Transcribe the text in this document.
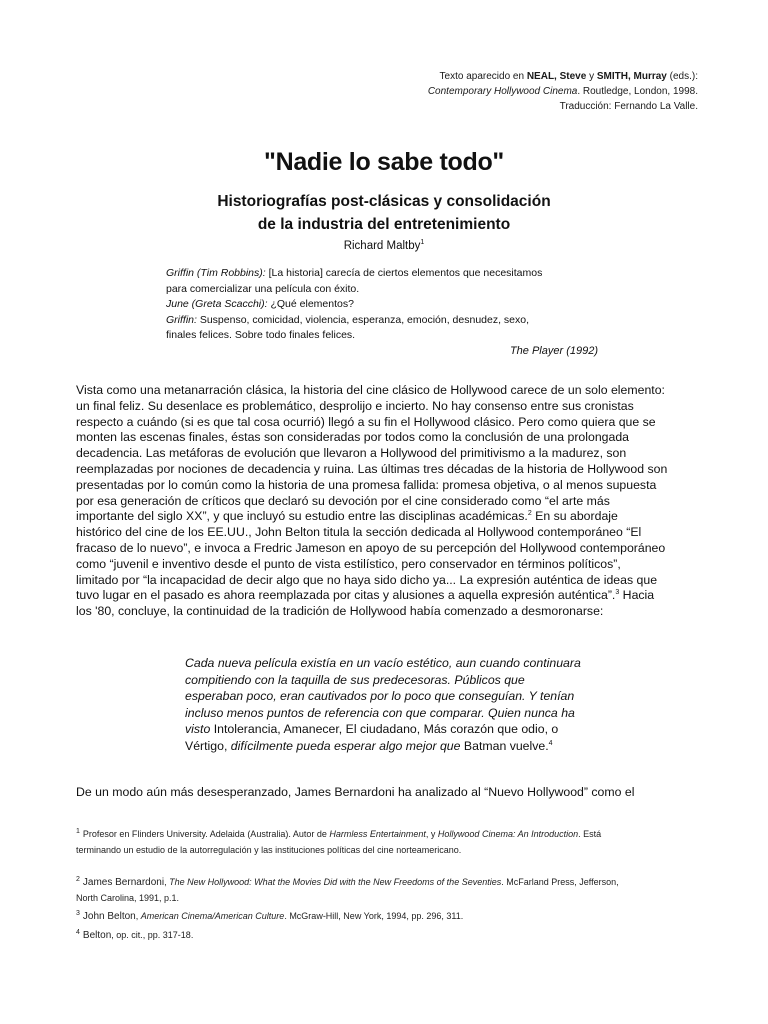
Texto aparecido en NEAL, Steve y SMITH, Murray (eds.):
Contemporary Hollywood Cinema. Routledge, London, 1998.
Traducción: Fernando La Valle.
"Nadie lo sabe todo"
Historiografías post-clásicas y consolidación
de la industria del entretenimiento
Richard Maltby$^1$
Griffin (Tim Robbins): [La historia] carecía de ciertos elementos que necesitamos
para comercializar una película con éxito.
June (Greta Scacchi): ¿Qué elementos?
Griffin: Suspenso, comicidad, violencia, esperanza, emoción, desnudez, sexo,
finales felices. Sobre todo finales felices.
The Player (1992)
Vista como una metanarración clásica, la historia del cine clásico de Hollywood carece de un solo elemento:
un final feliz. Su desenlace es problemático, desprolijo e incierto. No hay consenso entre sus cronistas
respecto a cuándo (si es que tal cosa ocurrió) llegó a su fin el Hollywood clásico. Pero como quiera que se
monten las escenas finales, éstas son consideradas por todos como la conclusión de una prolongada
decadencia. Las metáforas de evolución que llevaron a Hollywood del primitivismo a la madurez, son
reemplazadas por nociones de decadencia y ruina. Las últimas tres décadas de la historia de Hollywood son
presentadas por lo común como la historia de una promesa fallida: promesa objetiva, o al menos supuesta
por esa generación de críticos que declaró su devoción por el cine considerado como “el arte más
importante del siglo XX”, y que incluyó su estudio entre las disciplinas académicas.$^2$ En su abordaje
histórico del cine de los EE.UU., John Belton titula la sección dedicada al Hollywood contemporáneo “El
fracaso de lo nuevo”, e invoca a Fredric Jameson en apoyo de su percepción del Hollywood contemporáneo
como “juvenil e inventivo desde el punto de vista estilístico, pero conservador en términos políticos”,
limitado por “la incapacidad de decir algo que no haya sido dicho ya... La expresión auténtica de ideas que
tuvo lugar en el pasado es ahora reemplazada por citas y alusiones a aquella expresión auténtica”.$^3$ Hacia
los '80, concluye, la continuidad de la tradición de Hollywood había comenzado a desmoronarse:
Cada nueva película existía en un vacío estético, aun cuando continuara
compitiendo con la taquilla de sus predecesoras. Públicos que
esperaban poco, eran cautivados por lo poco que conseguían. Y tenían
incluso menos puntos de referencia con que comparar. Quien nunca ha
visto Intolerancia, Amanecer, El ciudadano, Más corazón que odio, o
Vértigo, difícilmente pueda esperar algo mejor que Batman vuelve.$^4$
De un modo aún más desesperanzado, James Bernardoni ha analizado al “Nuevo Hollywood” como el
$^1$ Profesor en Flinders University. Adelaida (Australia). Autor de Harmless Entertainment, y Hollywood Cinema: An Introduction. Está
terminando un estudio de la autorregulación y las instituciones políticas del cine norteamericano.
$^2$ James Bernardoni, The New Hollywood: What the Movies Did with the New Freedoms of the Seventies. McFarland Press, Jefferson,
North Carolina, 1991, p.1.
$^3$ John Belton, American Cinema/American Culture. McGraw-Hill, New York, 1994, pp. 296, 311.
$^4$ Belton, op. cit., pp. 317-18.
